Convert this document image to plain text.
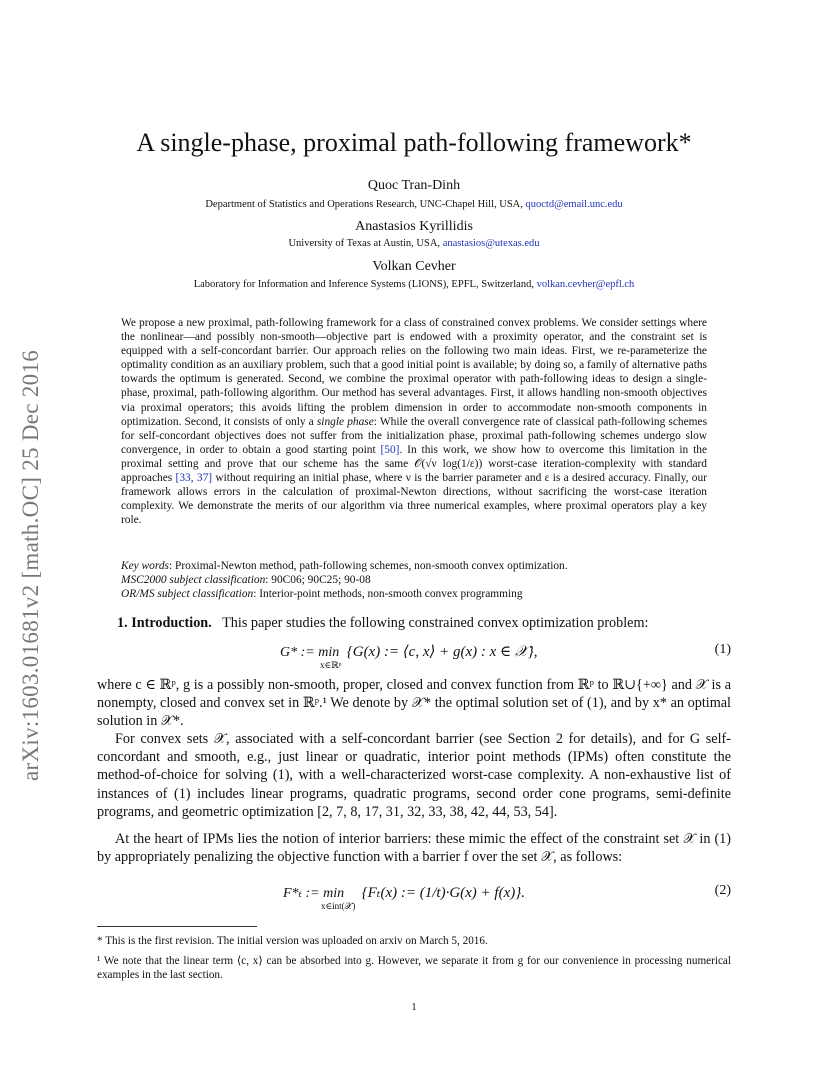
arXiv:1603.01681v2 [math.OC] 25 Dec 2016
A single-phase, proximal path-following framework*
Quoc Tran-Dinh
Department of Statistics and Operations Research, UNC-Chapel Hill, USA, quoctd@email.unc.edu
Anastasios Kyrillidis
University of Texas at Austin, USA, anastasios@utexas.edu
Volkan Cevher
Laboratory for Information and Inference Systems (LIONS), EPFL, Switzerland, volkan.cevher@epfl.ch
We propose a new proximal, path-following framework for a class of constrained convex problems. We consider settings where the nonlinear—and possibly non-smooth—objective part is endowed with a proximity operator, and the constraint set is equipped with a self-concordant barrier. Our approach relies on the following two main ideas. First, we re-parameterize the optimality condition as an auxiliary problem, such that a good initial point is available; by doing so, a family of alternative paths towards the optimum is generated. Second, we combine the proximal operator with path-following ideas to design a single-phase, proximal, path-following algorithm. Our method has several advantages. First, it allows handling non-smooth objectives via proximal operators; this avoids lifting the problem dimension in order to accommodate non-smooth components in optimization. Second, it consists of only a single phase: While the overall convergence rate of classical path-following schemes for self-concordant objectives does not suffer from the initialization phase, proximal path-following schemes undergo slow convergence, in order to obtain a good starting point [50]. In this work, we show how to overcome this limitation in the proximal setting and prove that our scheme has the same 𝒪(√ν log(1/ε)) worst-case iteration-complexity with standard approaches [33, 37] without requiring an initial phase, where ν is the barrier parameter and ε is a desired accuracy. Finally, our framework allows errors in the calculation of proximal-Newton directions, without sacrificing the worst-case iteration complexity. We demonstrate the merits of our algorithm via three numerical examples, where proximal operators play a key role.
Key words: Proximal-Newton method, path-following schemes, non-smooth convex optimization.
MSC2000 subject classification: 90C06; 90C25; 90-08
OR/MS subject classification: Interior-point methods, non-smooth convex programming
1. Introduction. This paper studies the following constrained convex optimization problem:
G* := min
x∈ℝᵖ
{G(x) := ⟨c, x⟩ + g(x) : x ∈ 𝒳},	(1)
where c ∈ ℝᵖ, g is a possibly non-smooth, proper, closed and convex function from ℝᵖ to ℝ∪{+∞} and 𝒳 is a nonempty, closed and convex set in ℝᵖ.¹ We denote by 𝒳* the optimal solution set of (1), and by x* an optimal solution in 𝒳*.
For convex sets 𝒳, associated with a self-concordant barrier (see Section 2 for details), and for G self-concordant and smooth, e.g., just linear or quadratic, interior point methods (IPMs) often constitute the method-of-choice for solving (1), with a well-characterized worst-case complexity. A non-exhaustive list of instances of (1) includes linear programs, quadratic programs, second order cone programs, semi-definite programs, and geometric optimization [2, 7, 8, 17, 31, 32, 33, 38, 42, 44, 53, 54].
At the heart of IPMs lies the notion of interior barriers: these mimic the effect of the constraint set 𝒳 in (1) by appropriately penalizing the objective function with a barrier f over the set 𝒳, as follows:
F*ₜ := min
x∈int(𝒳)
{Fₜ(x) := (1/t)·G(x) + f(x)}.	(2)
* This is the first revision. The initial version was uploaded on arxiv on March 5, 2016.
¹ We note that the linear term ⟨c, x⟩ can be absorbed into g. However, we separate it from g for our convenience in processing numerical examples in the last section.
1
